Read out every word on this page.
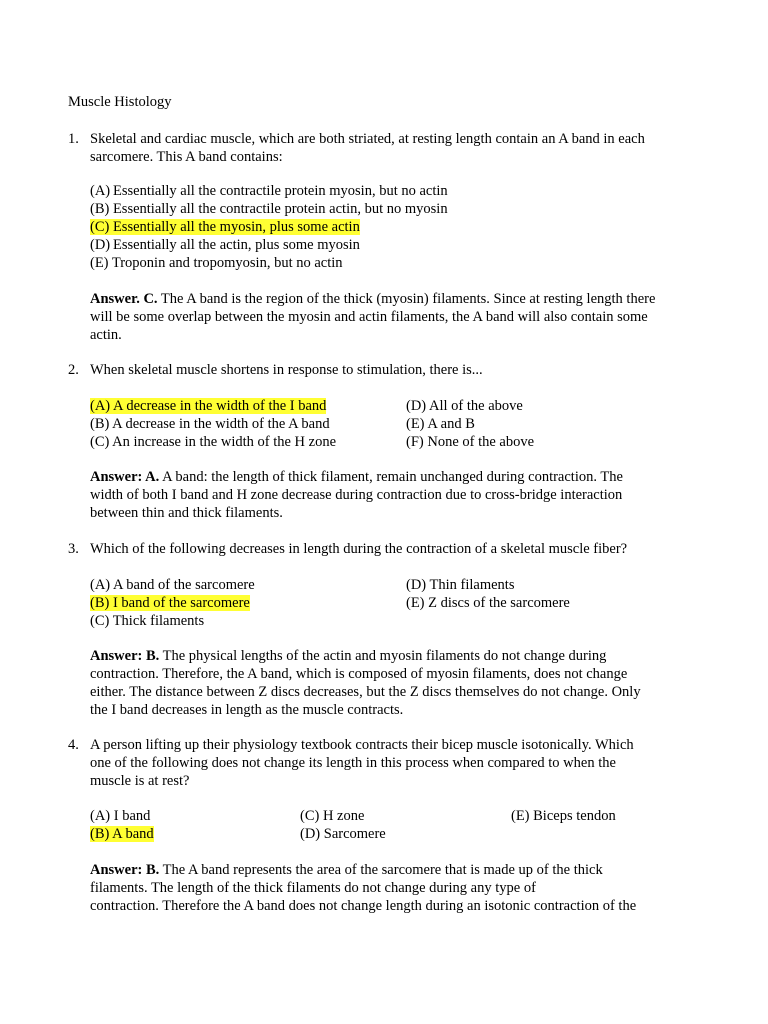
Muscle Histology
1. Skeletal and cardiac muscle, which are both striated, at resting length contain an A band in each

sarcomere. This A band contains:

(A) Essentially all the contractile protein myosin, but no actin

(B) Essentially all the contractile protein actin, but no myosin

(C) Essentially all the myosin, plus some actin

(D) Essentially all the actin, plus some myosin

(E) Troponin and tropomyosin, but no actin

Answer. C. The A band is the region of the thick (myosin) filaments. Since at resting length there

will be some overlap between the myosin and actin filaments, the A band will also contain some

actin.

2. When skeletal muscle shortens in response to stimulation, there is...
(A) A decrease in the width of the I band
(B) A decrease in the width of the A band
(C) An increase in the width of the H zone
(D) All of the above
(E) A and B
(F) None of the above

Answer: A. A band: the length of thick filament, remain unchanged during contraction. The

width of both I band and H zone decrease during contraction due to cross-bridge interaction

between thin and thick filaments.

3. Which of the following decreases in length during the contraction of a skeletal muscle fiber?
(A) A band of the sarcomere
(B) I band of the sarcomere
(C) Thick filaments
(D) Thin filaments
(E) Z discs of the sarcomere

Answer: B. The physical lengths of the actin and myosin filaments do not change during

contraction. Therefore, the A band, which is composed of myosin filaments, does not change

either. The distance between Z discs decreases, but the Z discs themselves do not change. Only

the I band decreases in length as the muscle contracts.

4. A person lifting up their physiology textbook contracts their bicep muscle isotonically. Which

one of the following does not change its length in this process when compared to when the

muscle is at rest?

(A) I band
(B) A band
(C) H zone
(D) Sarcomere
(E) Biceps tendon

Answer: B. The A band represents the area of the sarcomere that is made up of the thick

filaments. The length of the thick filaments do not change during any type of

contraction. Therefore the A band does not change length during an isotonic contraction of the
